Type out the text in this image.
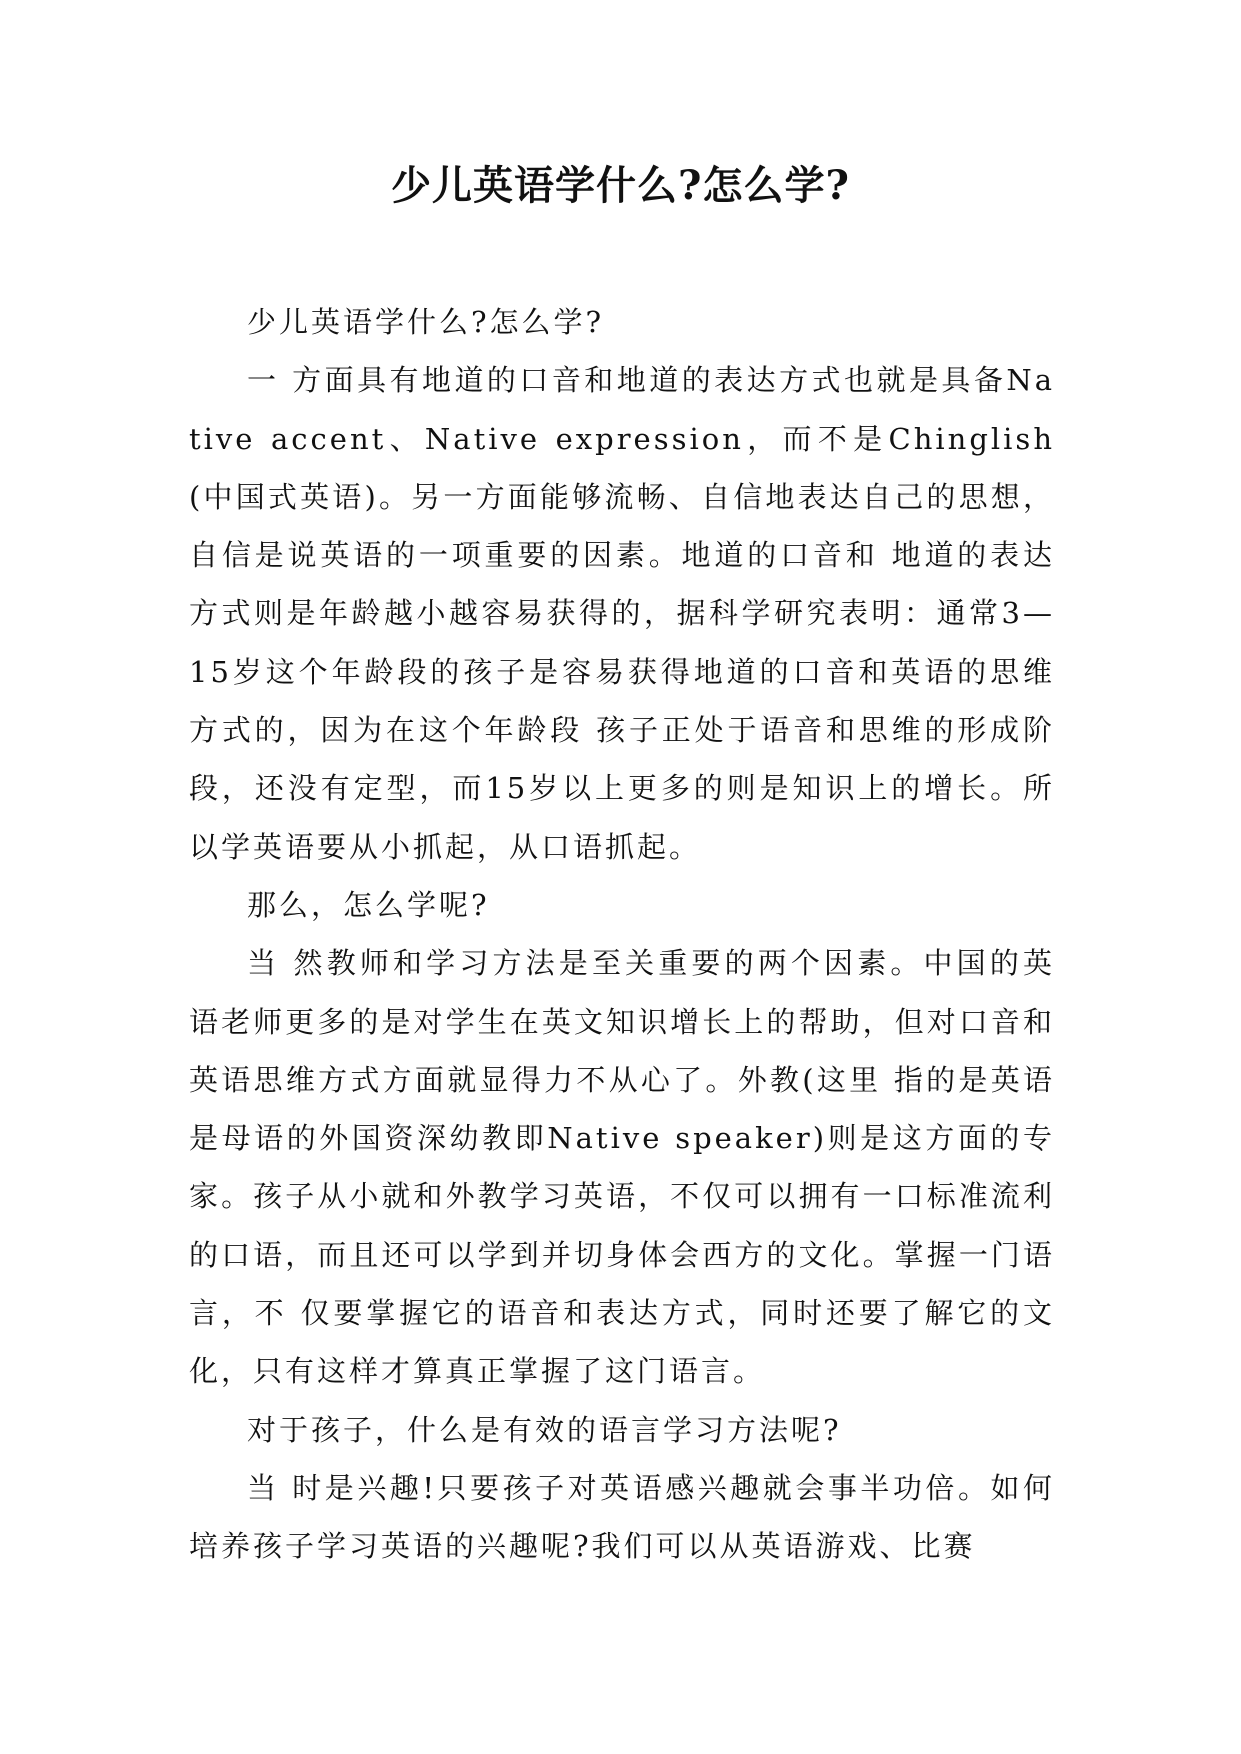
少儿英语学什么?怎么学?

少儿英语学什么?怎么学?

一 方面具有地道的口音和地道的表达方式也就是具备Native accent、Native expression，而不是Chinglish(中国式英语)。另一方面能够流畅、自信地表达自己的思想，自信是说英语的一项重要的因素。地道的口音和 地道的表达方式则是年龄越小越容易获得的，据科学研究表明：通常3—15岁这个年龄段的孩子是容易获得地道的口音和英语的思维方式的，因为在这个年龄段 孩子正处于语音和思维的形成阶段，还没有定型，而15岁以上更多的则是知识上的增长。所以学英语要从小抓起，从口语抓起。

那么，怎么学呢?

当 然教师和学习方法是至关重要的两个因素。中国的英语老师更多的是对学生在英文知识增长上的帮助，但对口音和英语思维方式方面就显得力不从心了。外教(这里 指的是英语是母语的外国资深幼教即Native speaker)则是这方面的专家。孩子从小就和外教学习英语，不仅可以拥有一口标准流利的口语，而且还可以学到并切身体会西方的文化。掌握一门语言，不 仅要掌握它的语音和表达方式，同时还要了解它的文化，只有这样才算真正掌握了这门语言。

对于孩子，什么是有效的语言学习方法呢?

当 时是兴趣!只要孩子对英语感兴趣就会事半功倍。如何培养孩子学习英语的兴趣呢?我们可以从英语游戏、比赛
